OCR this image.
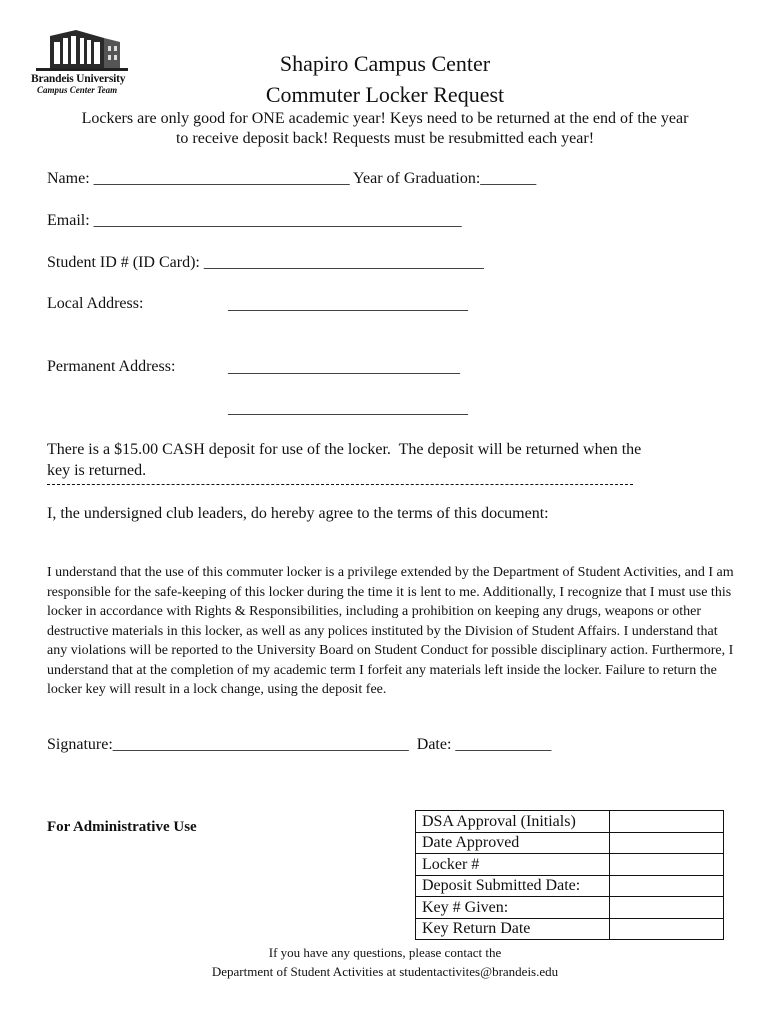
Brandeis University
Campus Center Team
Shapiro Campus Center
Commuter Locker Request
Lockers are only good for ONE academic year! Keys need to be returned at the end of the year
to receive deposit back! Requests must be resubmitted each year!
Name: ________________________________ Year of Graduation:_______
Email: ______________________________________________
Student ID # (ID Card): ___________________________________
Local Address:	______________________________
Permanent Address:	_____________________________
______________________________
There is a $15.00 CASH deposit for use of the locker.  The deposit will be returned when the
key is returned.
I, the undersigned club leaders, do hereby agree to the terms of this document:
I understand that the use of this commuter locker is a privilege extended by the Department of Student Activities, and I am responsible for the safe-keeping of this locker during the time it is lent to me. Additionally, I recognize that I must use this locker in accordance with Rights & Responsibilities, including a prohibition on keeping any drugs, weapons or other destructive materials in this locker, as well as any polices instituted by the Division of Student Affairs. I understand that any violations will be reported to the University Board on Student Conduct for possible disciplinary action. Furthermore, I understand that at the completion of my academic term I forfeit any materials left inside the locker. Failure to return the locker key will result in a lock change, using the deposit fee.
Signature:_____________________________________  Date: ____________
For Administrative Use	DSA Approval (Initials)	
Date Approved	
Locker #	
Deposit Submitted Date:	
Key # Given:	
Key Return Date	
If you have any questions, please contact the
Department of Student Activities at studentactivites@brandeis.edu
